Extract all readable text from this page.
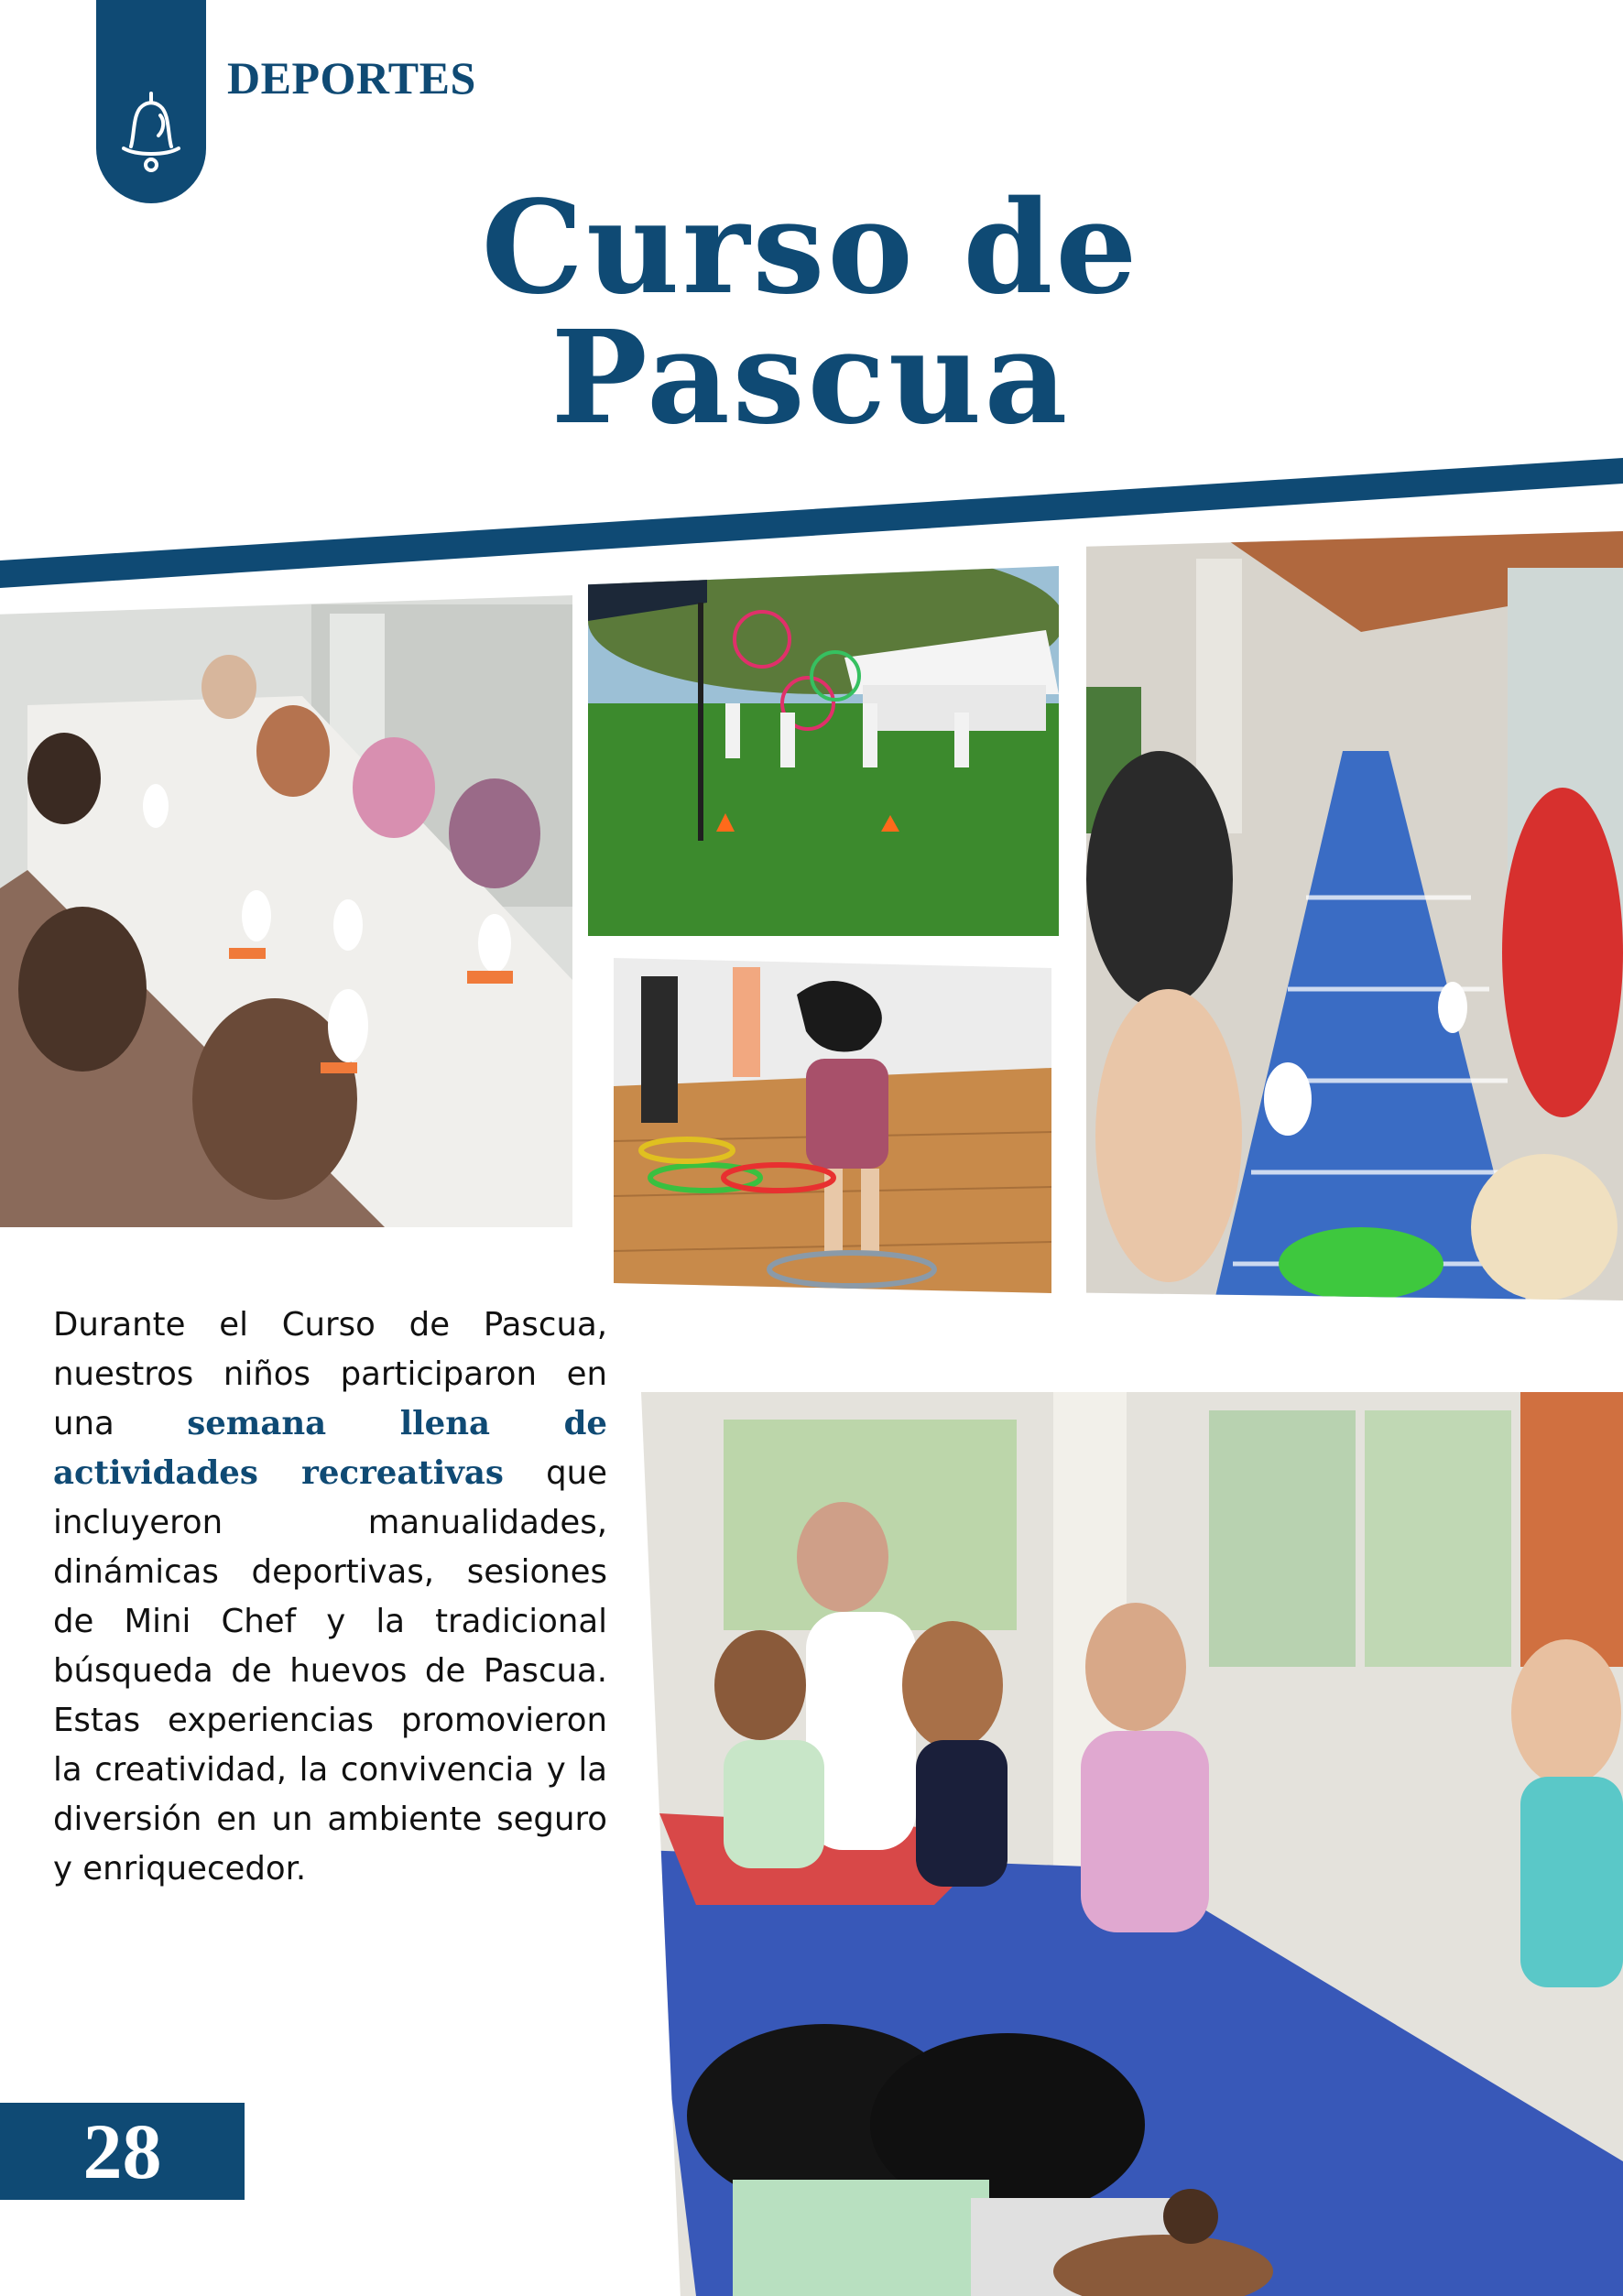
DEPORTES
Curso de
Pascua
Durante el Curso de Pascua, nuestros niños participaron en una semana llena de actividades recreativas que incluyeron manualidades, dinámicas deportivas, sesiones de Mini Chef y la tradicional búsqueda de huevos de Pascua. Estas experiencias promovieron la creatividad, la convivencia y la diversión en un ambiente seguro y enriquecedor.
28
